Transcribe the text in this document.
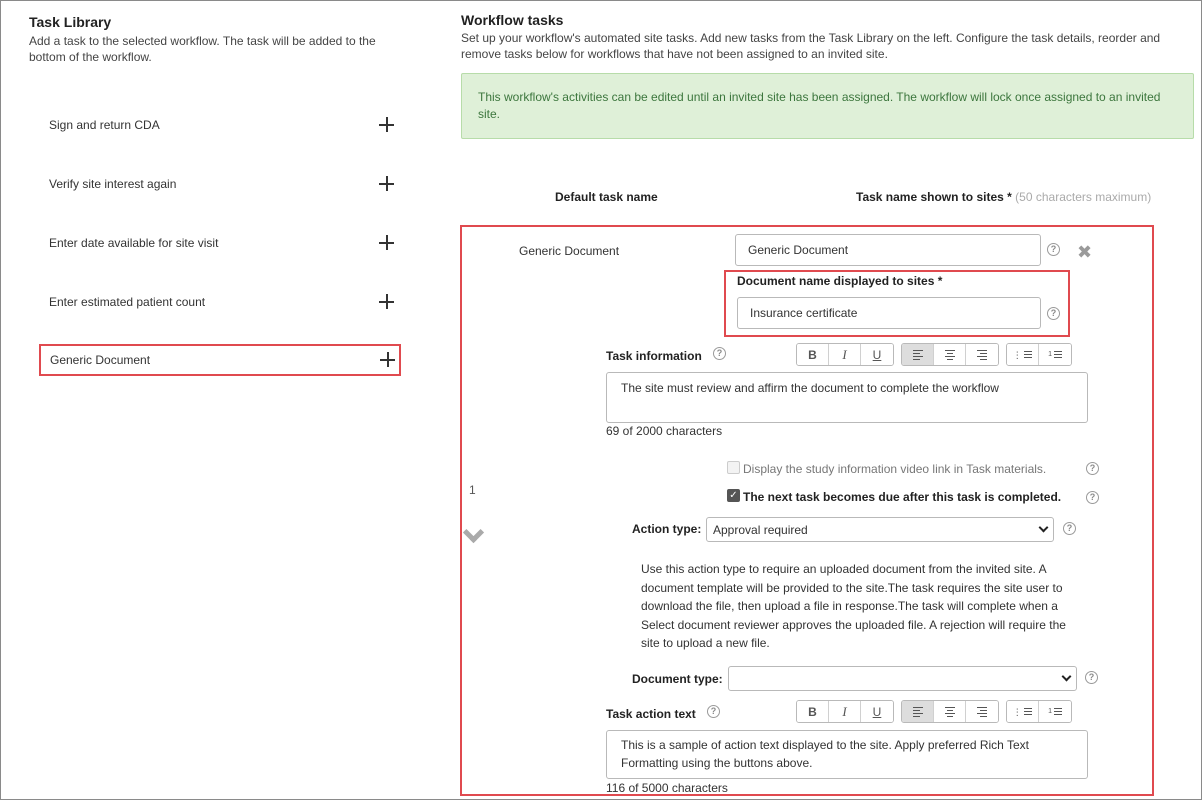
Task Library
Add a task to the selected workflow. The task will be added to the bottom of the workflow.
Sign and return CDA
Verify site interest again
Enter date available for site visit
Enter estimated patient count
Generic Document
Workflow tasks
Set up your workflow's automated site tasks. Add new tasks from the Task Library on the left. Configure the task details, reorder and remove tasks below for workflows that have not been assigned to an invited site.
This workflow's activities can be edited until an invited site has been assigned. The workflow will lock once assigned to an invited site.
Default task name	Task name shown to sites * (50 characters maximum)
1
Generic Document	Generic Document	? ✖
Document name displayed to sites *
Insurance certificate	?
Task information	?	B	I	U	⋮	1
The site must review and affirm the document to complete the workflow
69 of 2000 characters
Display the study information video link in Task materials.	?
✓ The next task becomes due after this task is completed.	?
Action type: Approval required	?
Use this action type to require an uploaded document from the invited site. A document template will be provided to the site.The task requires the site user to download the file, then upload a file in response.The task will complete when a Select document reviewer approves the uploaded file. A rejection will require the site to upload a new file.
Document type:	?
Task action text	?	B	I	U	⋮	1
This is a sample of action text displayed to the site. Apply preferred Rich Text Formatting using the buttons above.
116 of 5000 characters
